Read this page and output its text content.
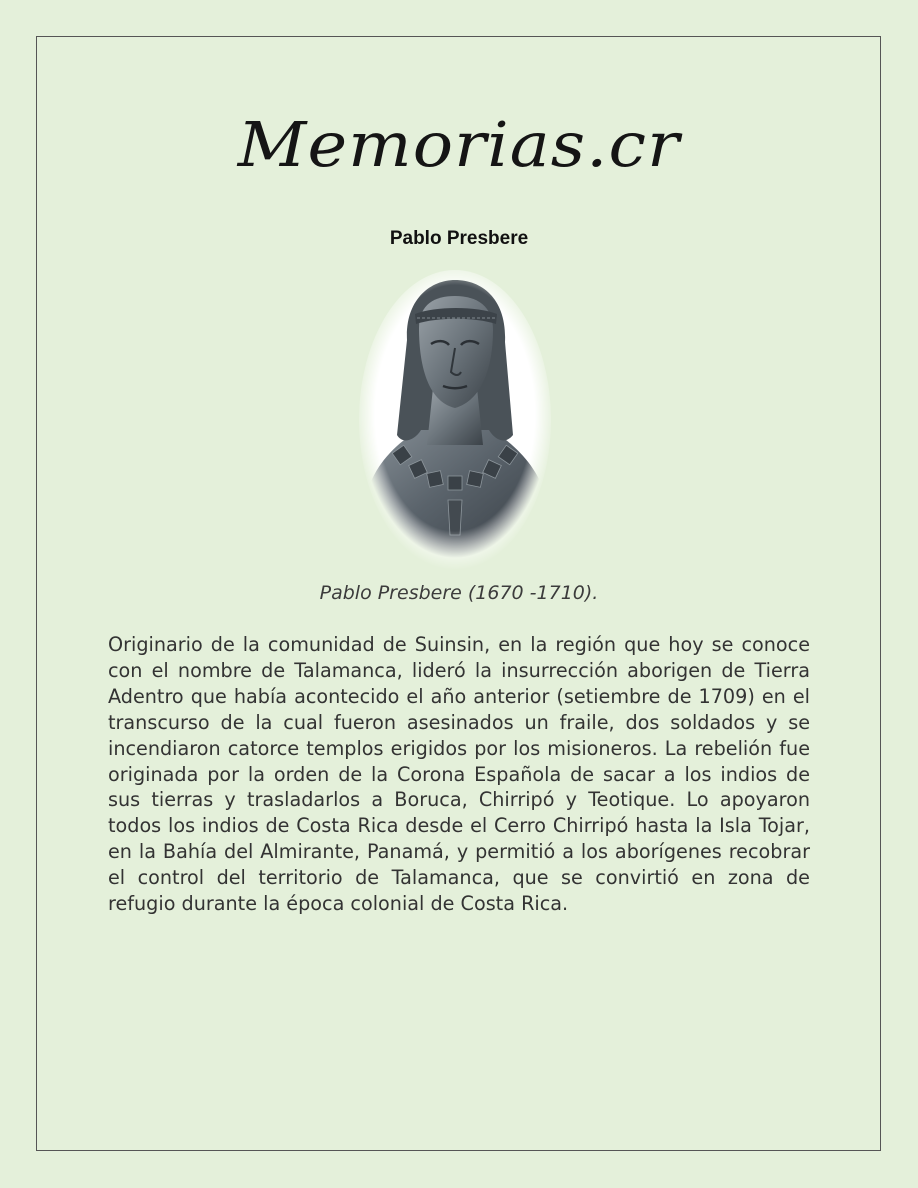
Memorias.cr
Pablo Presbere
Pablo Presbere (1670 -1710).

Originario de la comunidad de Suinsin, en la región que hoy se conoce con el nombre de Talamanca, lideró la insurrección aborigen de Tierra Adentro que había acontecido el año anterior (setiembre de 1709) en el transcurso de la cual fueron asesinados un fraile, dos soldados y se incendiaron catorce templos erigidos por los misioneros. La rebelión fue originada por la orden de la Corona Española de sacar a los indios de sus tierras y trasladarlos a Boruca, Chirripó y Teotique. Lo apoyaron todos los indios de Costa Rica desde el Cerro Chirripó hasta la Isla Tojar, en la Bahía del Almirante, Panamá, y permitió a los aborígenes recobrar el control del territorio de Talamanca, que se convirtió en zona de refugio durante la época colonial de Costa Rica.
